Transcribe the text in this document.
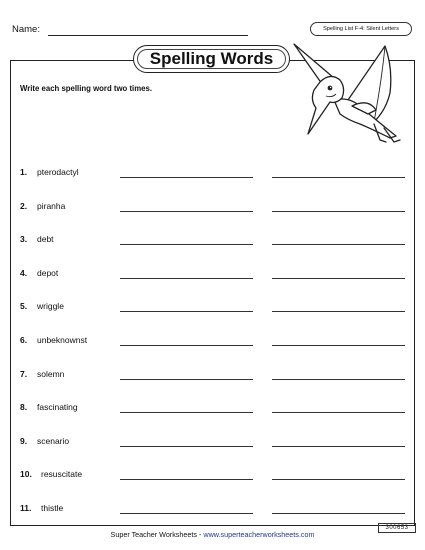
Name:	Spelling List F-4: Silent Letters
Spelling Words
Write each spelling word two times.
1. pterodactyl
2. piranha
3. debt
4. depot
5. wriggle
6. unbeknownst
7. solemn
8. fascinating
9. scenario
10. resuscitate
11. thistle
Super Teacher Worksheets - www.superteacherworksheets.com
300653
